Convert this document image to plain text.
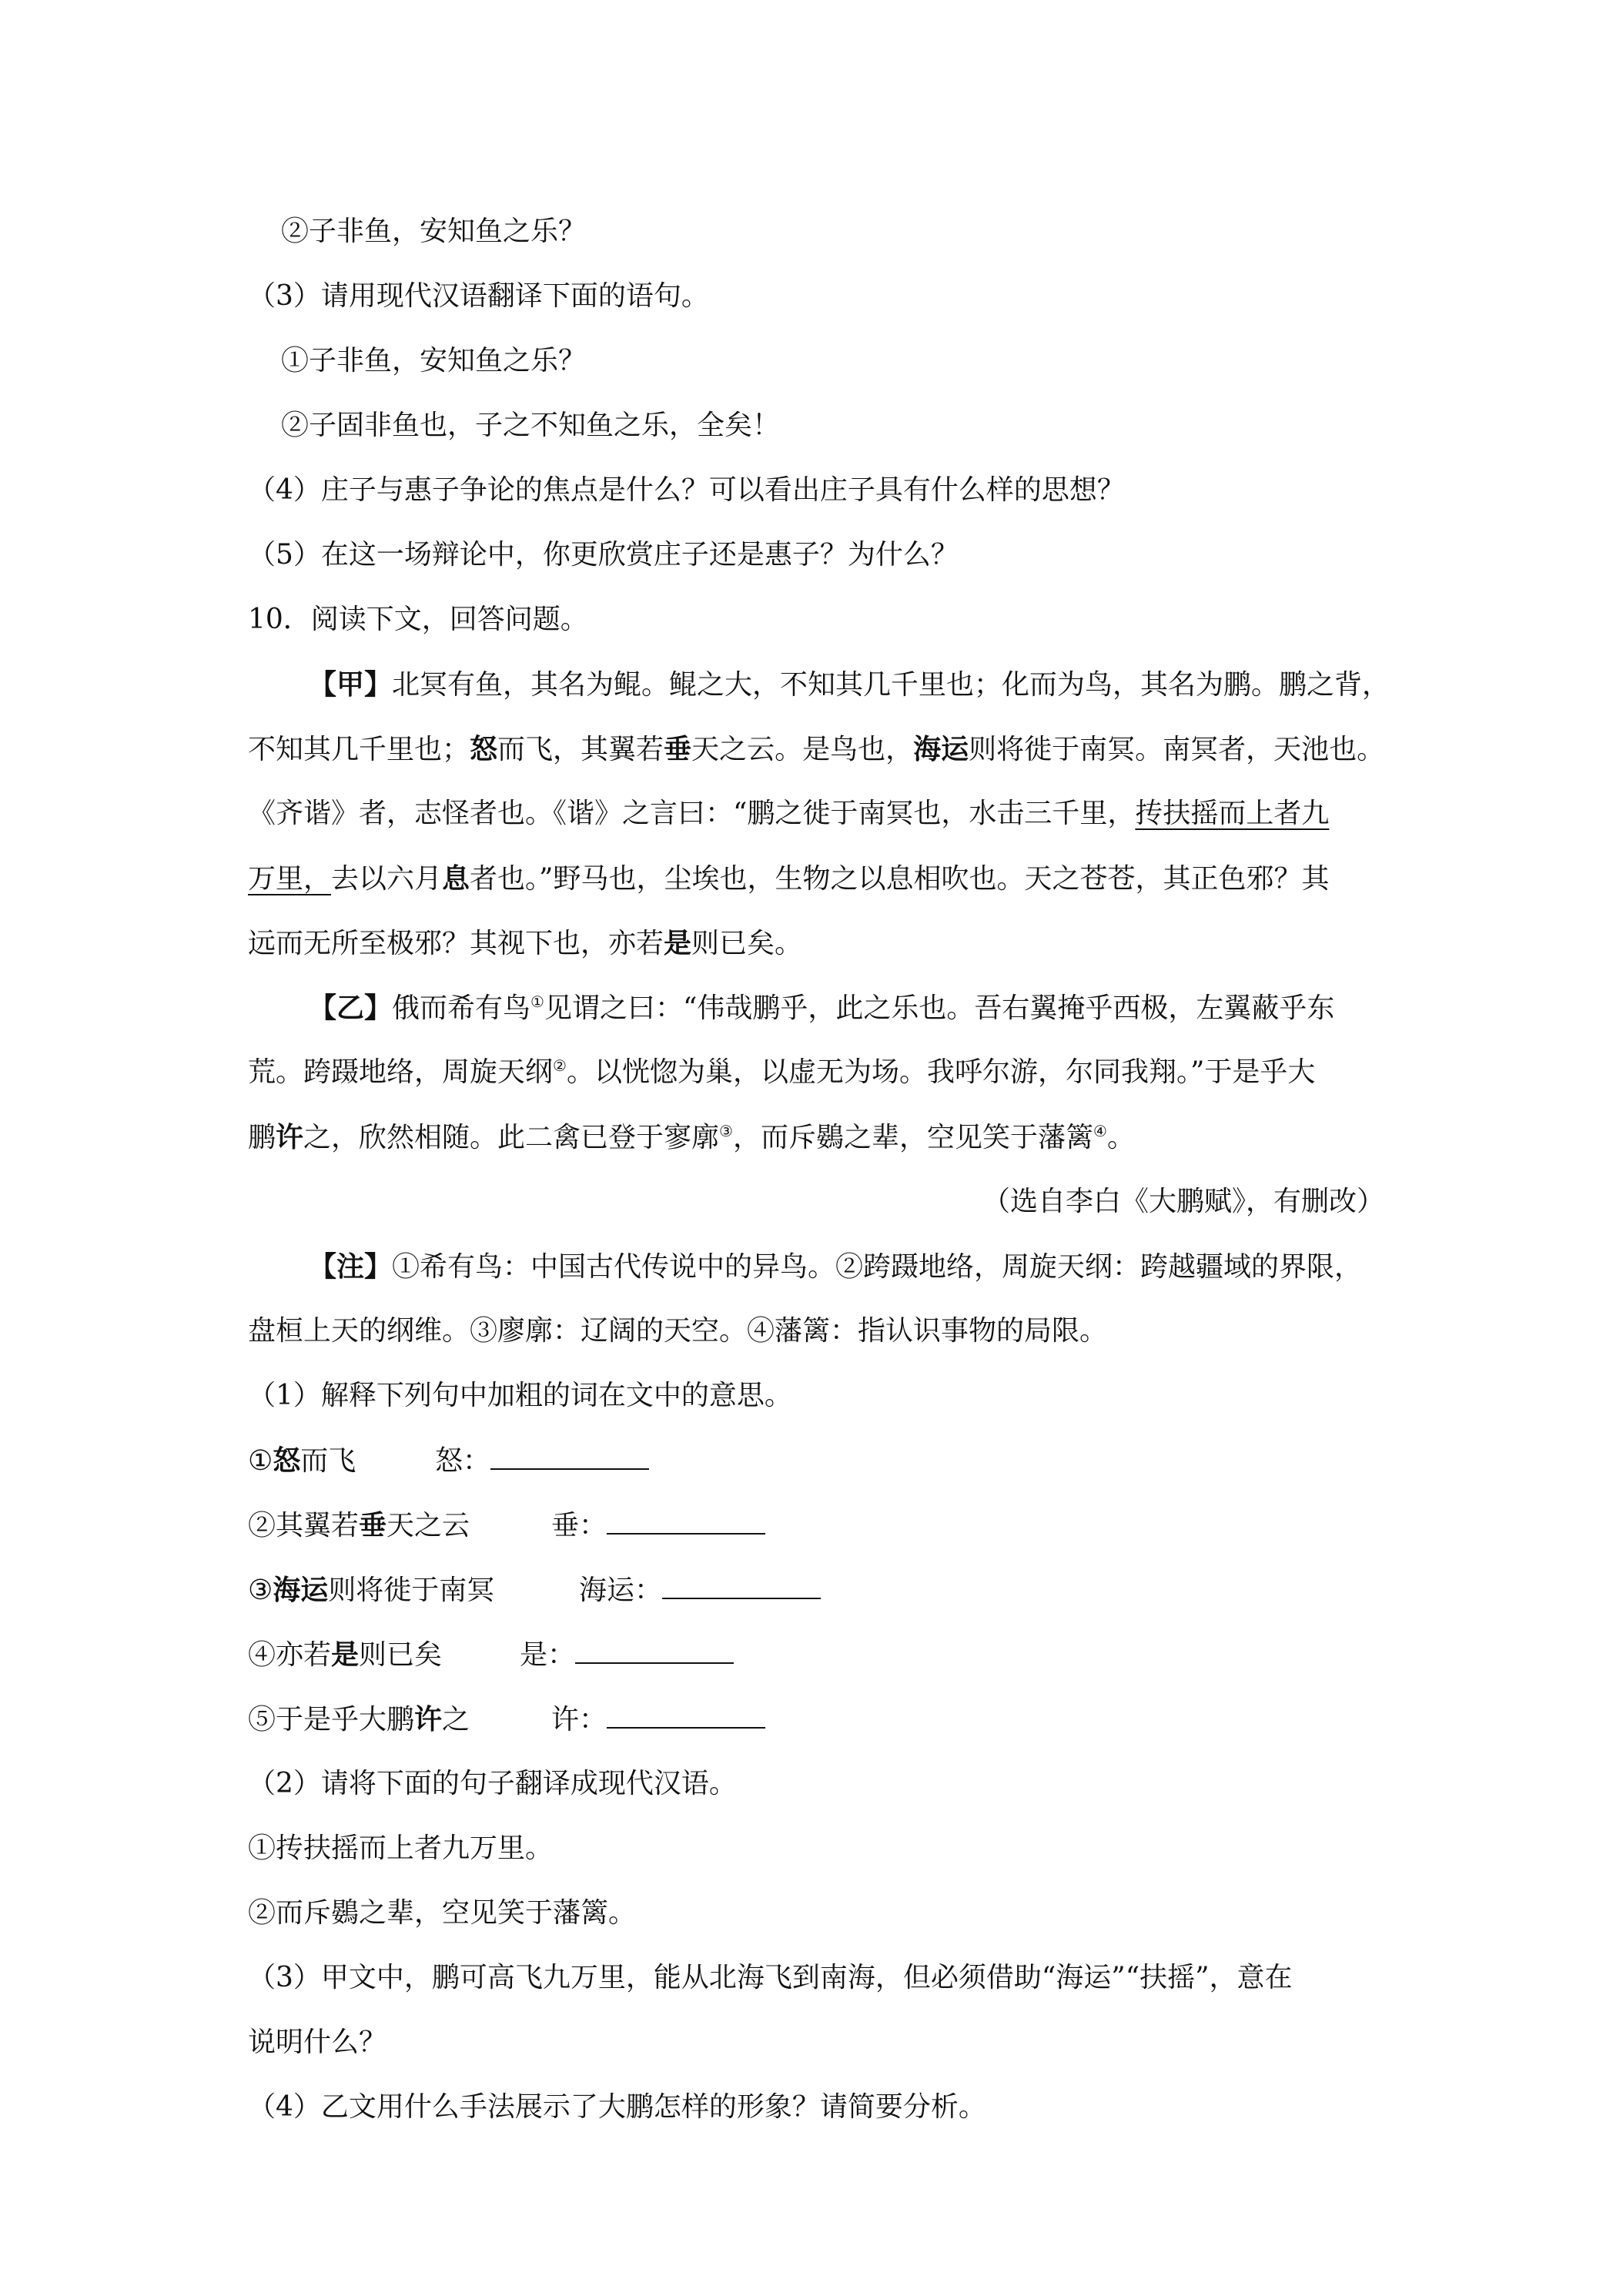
②子非鱼，安知鱼之乐？
（3）请用现代汉语翻译下面的语句。
①子非鱼，安知鱼之乐？
②子固非鱼也，子之不知鱼之乐，全矣！
（4）庄子与惠子争论的焦点是什么？可以看出庄子具有什么样的思想？
（5）在这一场辩论中，你更欣赏庄子还是惠子？为什么？
10．阅读下文，回答问题。
【甲】北冥有鱼，其名为鲲。鲲之大，不知其几千里也；化而为鸟，其名为鹏。鹏之背，
不知其几千里也；怒而飞，其翼若垂天之云。是鸟也，海运则将徙于南冥。南冥者，天池也。
《齐谐》者，志怪者也。《谐》之言曰：“鹏之徙于南冥也，水击三千里，抟扶摇而上者九
万里，去以六月息者也。”野马也，尘埃也，生物之以息相吹也。天之苍苍，其正色邪？其
远而无所至极邪？其视下也，亦若是则已矣。
【乙】俄而希有鸟①见谓之曰：“伟哉鹏乎，此之乐也。吾右翼掩乎西极，左翼蔽乎东
荒。跨蹑地络，周旋天纲②。以恍惚为巢，以虚无为场。我呼尔游，尔同我翔。”于是乎大
鹏许之，欣然相随。此二禽已登于寥廓③，而斥鷃之辈，空见笑于藩篱④。
（选自李白《大鹏赋》，有删改）
【注】①希有鸟：中国古代传说中的异鸟。②跨蹑地络，周旋天纲：跨越疆域的界限，
盘桓上天的纲维。③廖廓：辽阔的天空。④藩篱：指认识事物的局限。
（1）解释下列句中加粗的词在文中的意思。
①怒而飞	怒：
②其翼若垂天之云	垂：
③海运则将徙于南冥	海运：
④亦若是则已矣	是：
⑤于是乎大鹏许之	许：
（2）请将下面的句子翻译成现代汉语。
①抟扶摇而上者九万里。
②而斥鷃之辈，空见笑于藩篱。
（3）甲文中，鹏可高飞九万里，能从北海飞到南海，但必须借助“海运”“扶摇”，意在
说明什么？
（4）乙文用什么手法展示了大鹏怎样的形象？请简要分析。
